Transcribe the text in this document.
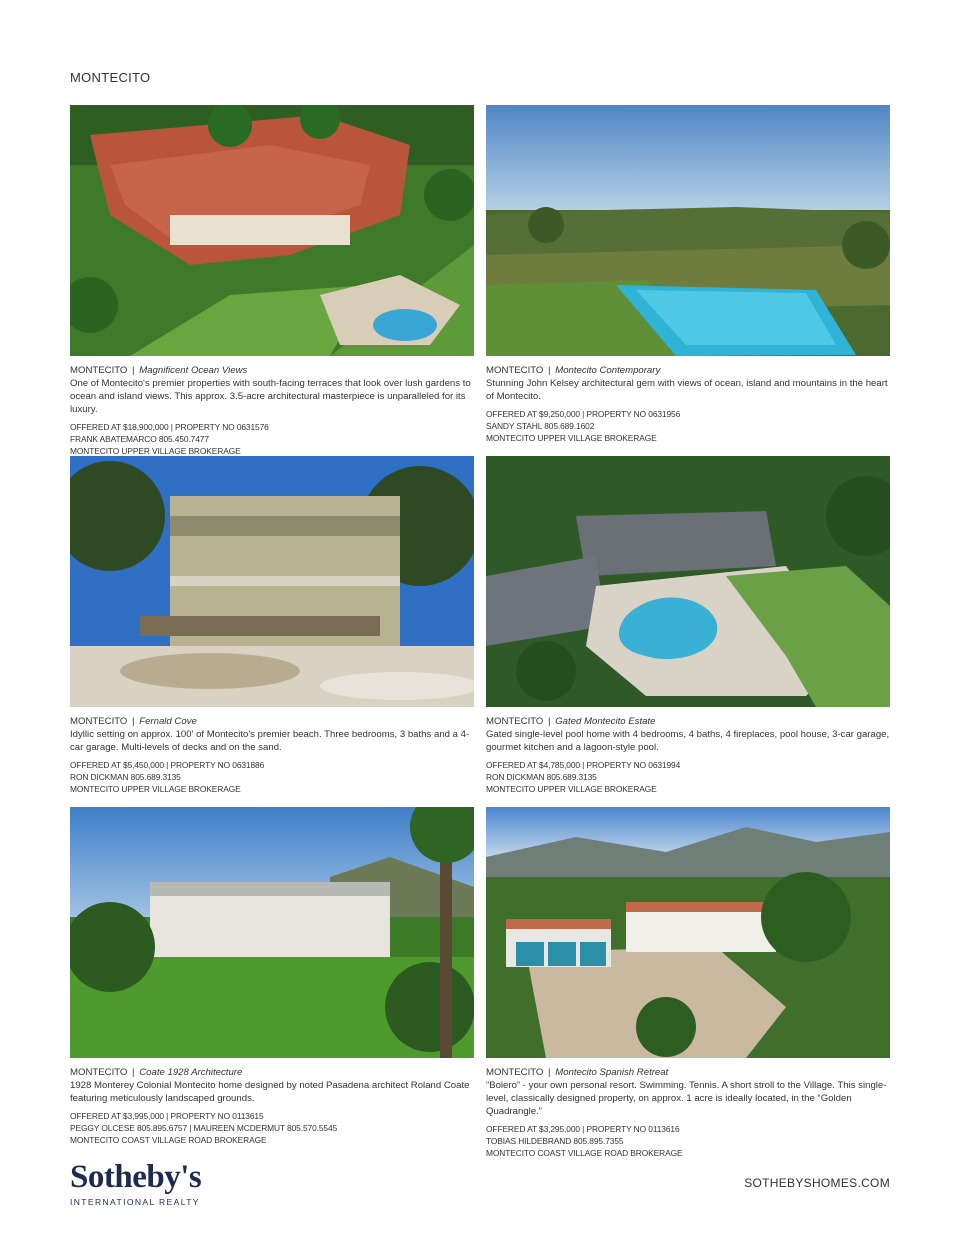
MONTECITO
MONTECITO | Magnificent Ocean Views
One of Montecito's premier properties with south-facing terraces that look over lush gardens to ocean and island views. This approx. 3.5-acre architectural masterpiece is unparalleled for its luxury.
OFFERED AT $18,900,000 | PROPERTY NO 0631576
FRANK ABATEMARCO 805.450.7477
MONTECITO UPPER VILLAGE BROKERAGE
MONTECITO | Montecito Contemporary
Stunning John Kelsey architectural gem with views of ocean, island and mountains in the heart of Montecito.
OFFERED AT $9,250,000 | PROPERTY NO 0631956
SANDY STAHL 805.689.1602
MONTECITO UPPER VILLAGE BROKERAGE
MONTECITO | Fernald Cove
Idyllic setting on approx. 100' of Montecito's premier beach. Three bedrooms, 3 baths and a 4-car garage. Multi-levels of decks and on the sand.
OFFERED AT $5,450,000 | PROPERTY NO 0631886
RON DICKMAN 805.689.3135
MONTECITO UPPER VILLAGE BROKERAGE
MONTECITO | Gated Montecito Estate
Gated single-level pool home with 4 bedrooms, 4 baths, 4 fireplaces, pool house, 3-car garage, gourmet kitchen and a lagoon-style pool.
OFFERED AT $4,785,000 | PROPERTY NO 0631994
RON DICKMAN 805.689.3135
MONTECITO UPPER VILLAGE BROKERAGE
MONTECITO | Coate 1928 Architecture
1928 Monterey Colonial Montecito home designed by noted Pasadena architect Roland Coate featuring meticulously landscaped grounds.
OFFERED AT $3,995,000 | PROPERTY NO 0113615
PEGGY OLCESE 805.895.6757 | MAUREEN MCDERMUT 805.570.5545
MONTECITO COAST VILLAGE ROAD BROKERAGE
MONTECITO | Montecito Spanish Retreat
“Bolero” - your own personal resort. Swimming. Tennis. A short stroll to the Village. This single-level, classically designed property, on approx. 1 acre is ideally located, in the “Golden Quadrangle.”
OFFERED AT $3,295,000 | PROPERTY NO 0113616
TOBIAS HILDEBRAND 805.895.7355
MONTECITO COAST VILLAGE ROAD BROKERAGE
Sotheby's
INTERNATIONAL REALTY
SOTHEBYSHOMES.COM
